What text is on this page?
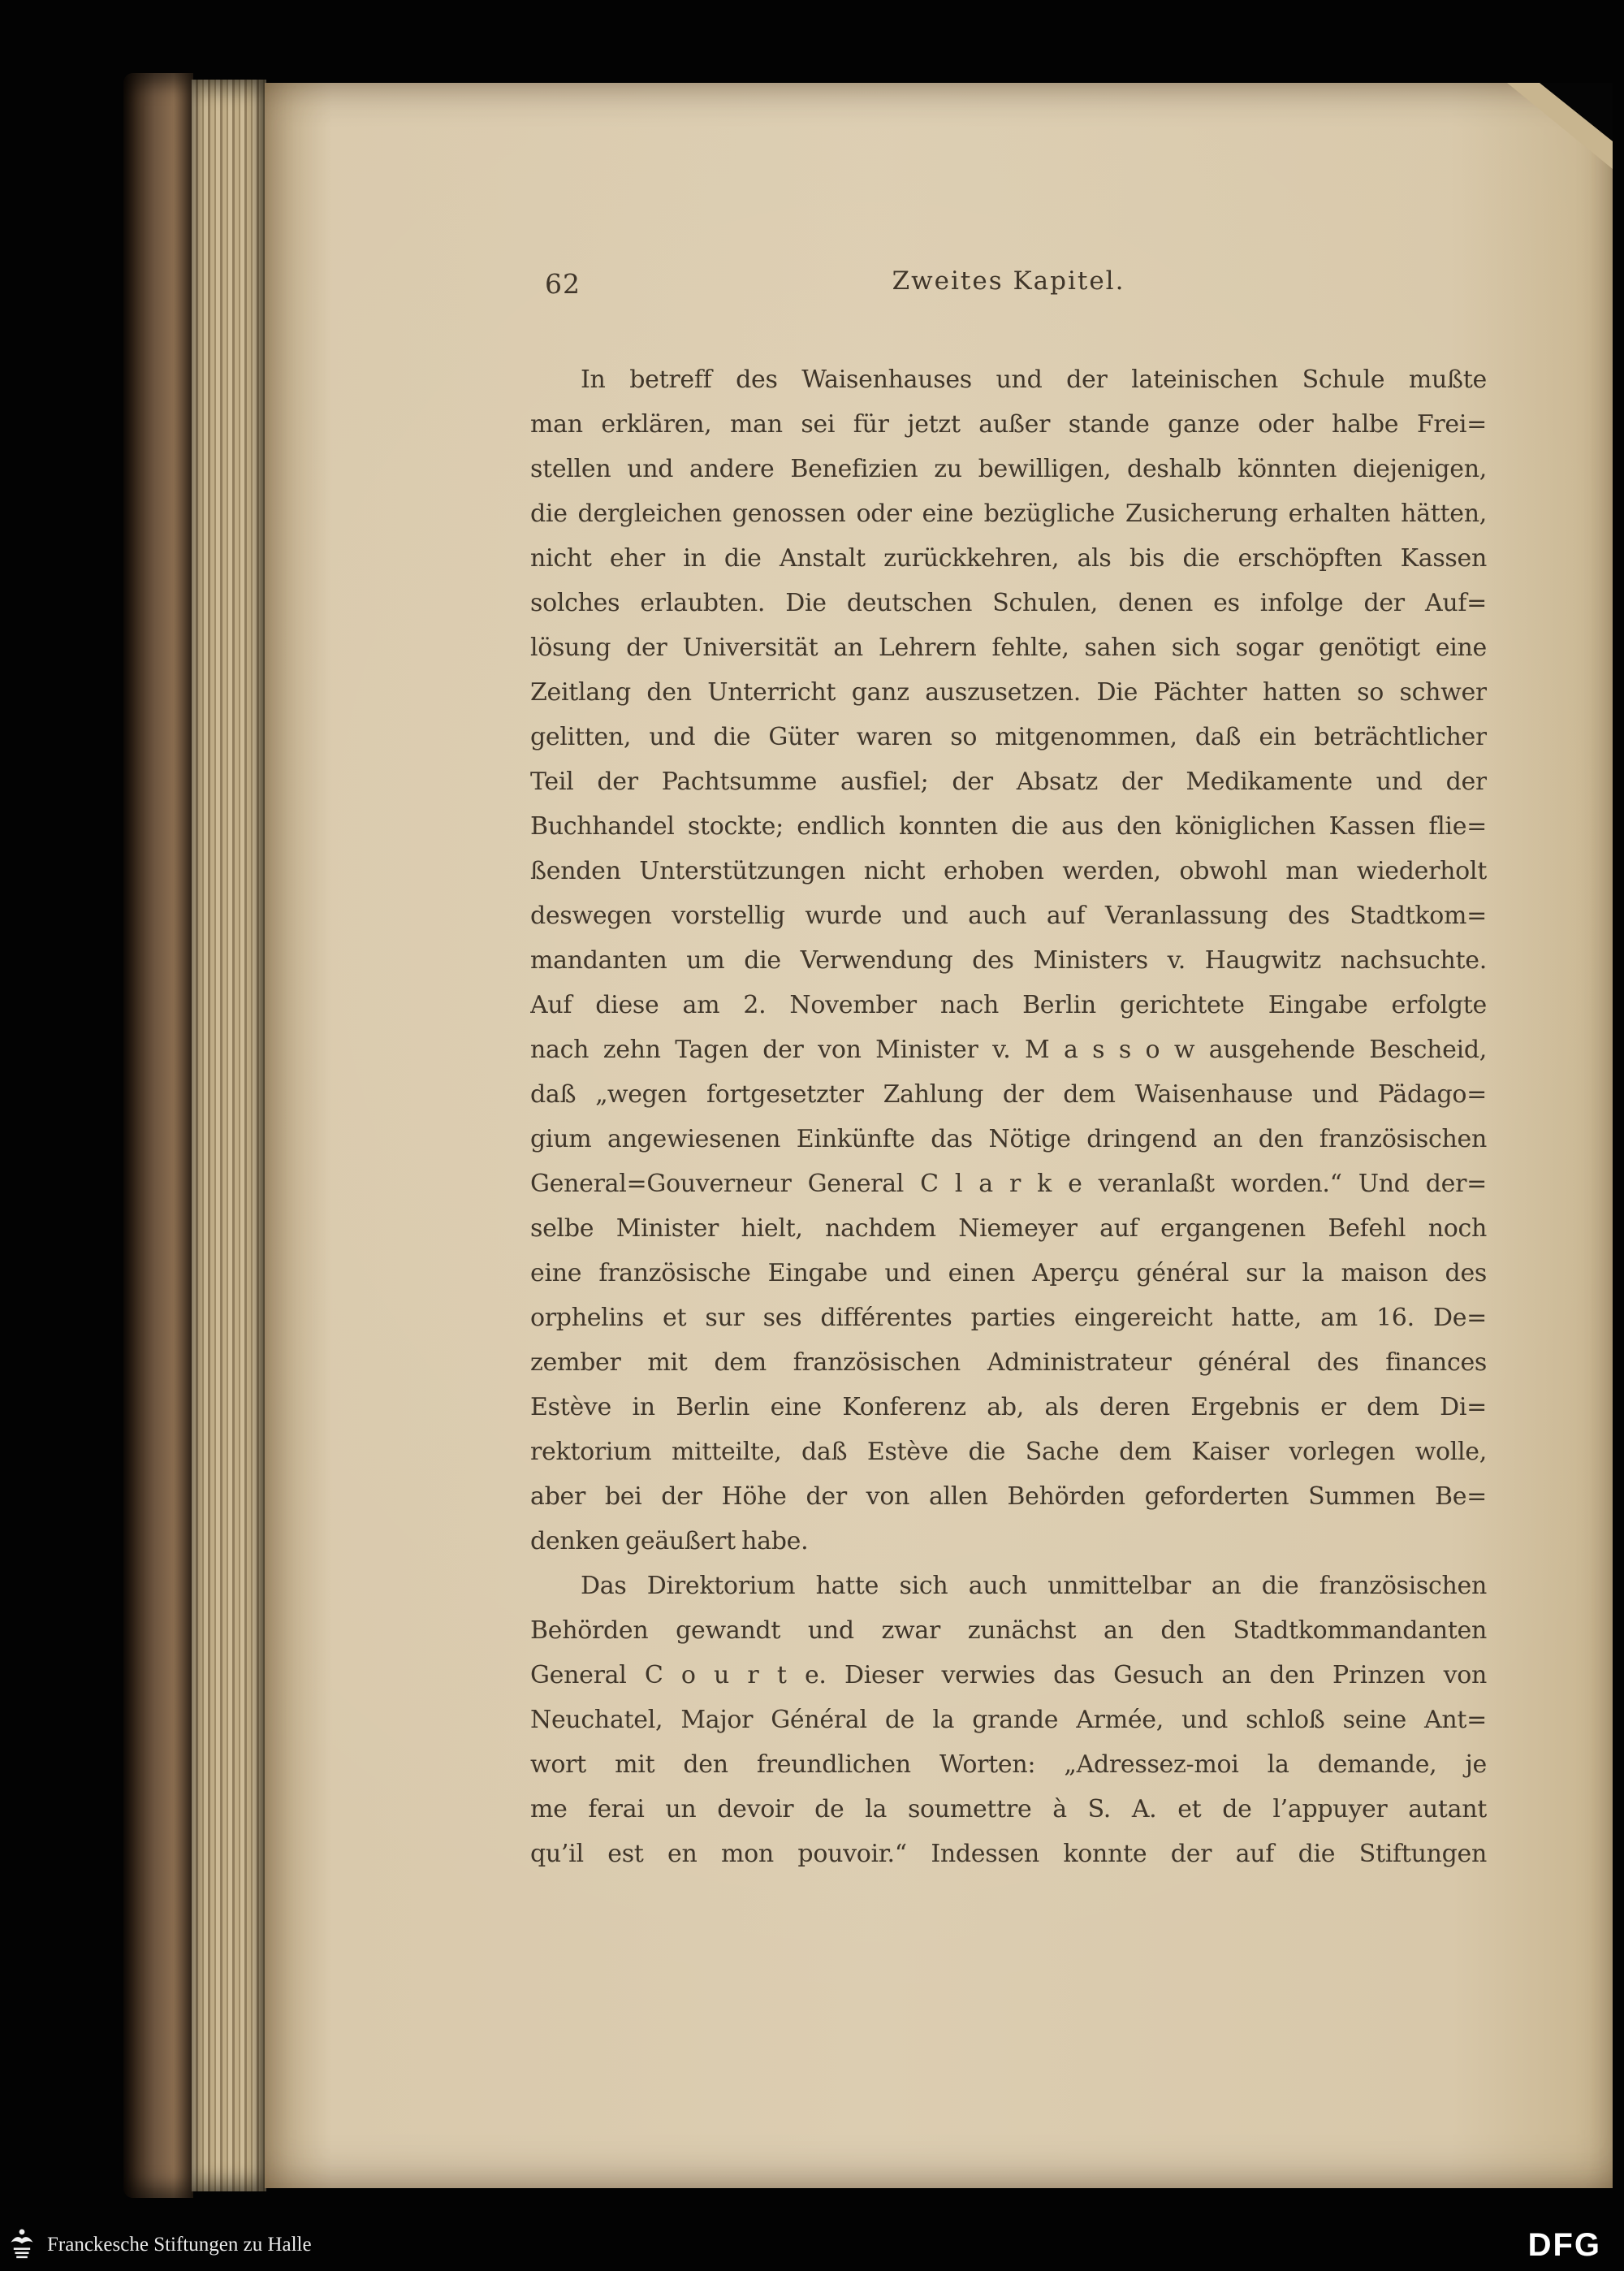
62	Zweites Kapitel.
In betreff des Waisenhauses und der lateinischen Schule mußte
man erklären, man sei für jetzt außer stande ganze oder halbe Frei=
stellen und andere Benefizien zu bewilligen, deshalb könnten diejenigen,
die dergleichen genossen oder eine bezügliche Zusicherung erhalten hätten,
nicht eher in die Anstalt zurückkehren, als bis die erschöpften Kassen
solches erlaubten. Die deutschen Schulen, denen es infolge der Auf=
lösung der Universität an Lehrern fehlte, sahen sich sogar genötigt eine
Zeitlang den Unterricht ganz auszusetzen. Die Pächter hatten so schwer
gelitten, und die Güter waren so mitgenommen, daß ein beträchtlicher
Teil der Pachtsumme ausfiel; der Absatz der Medikamente und der
Buchhandel stockte; endlich konnten die aus den königlichen Kassen flie=
ßenden Unterstützungen nicht erhoben werden, obwohl man wiederholt
deswegen vorstellig wurde und auch auf Veranlassung des Stadtkom=
mandanten um die Verwendung des Ministers v. Haugwitz nachsuchte.
Auf diese am 2. November nach Berlin gerichtete Eingabe erfolgte
nach zehn Tagen der von Minister v. M a s s o w ausgehende Bescheid,
daß „wegen fortgesetzter Zahlung der dem Waisenhause und Pädago=
gium angewiesenen Einkünfte das Nötige dringend an den französischen
General=Gouverneur General C l a r k e veranlaßt worden.“ Und der=
selbe Minister hielt, nachdem Niemeyer auf ergangenen Befehl noch
eine französische Eingabe und einen Aperçu général sur la maison des
orphelins et sur ses différentes parties eingereicht hatte, am 16. De=
zember mit dem französischen Administrateur général des finances
Estève in Berlin eine Konferenz ab, als deren Ergebnis er dem Di=
rektorium mitteilte, daß Estève die Sache dem Kaiser vorlegen wolle,
aber bei der Höhe der von allen Behörden geforderten Summen Be=
denken geäußert habe.
Das Direktorium hatte sich auch unmittelbar an die französischen
Behörden gewandt und zwar zunächst an den Stadtkommandanten
General C o u r t e. Dieser verwies das Gesuch an den Prinzen von
Neuchatel, Major Général de la grande Armée, und schloß seine Ant=
wort mit den freundlichen Worten: „Adressez-moi la demande, je
me ferai un devoir de la soumettre à S. A. et de l’appuyer autant
qu’il est en mon pouvoir.“ Indessen konnte der auf die Stiftungen
Franckesche Stiftungen zu Halle	DFG
